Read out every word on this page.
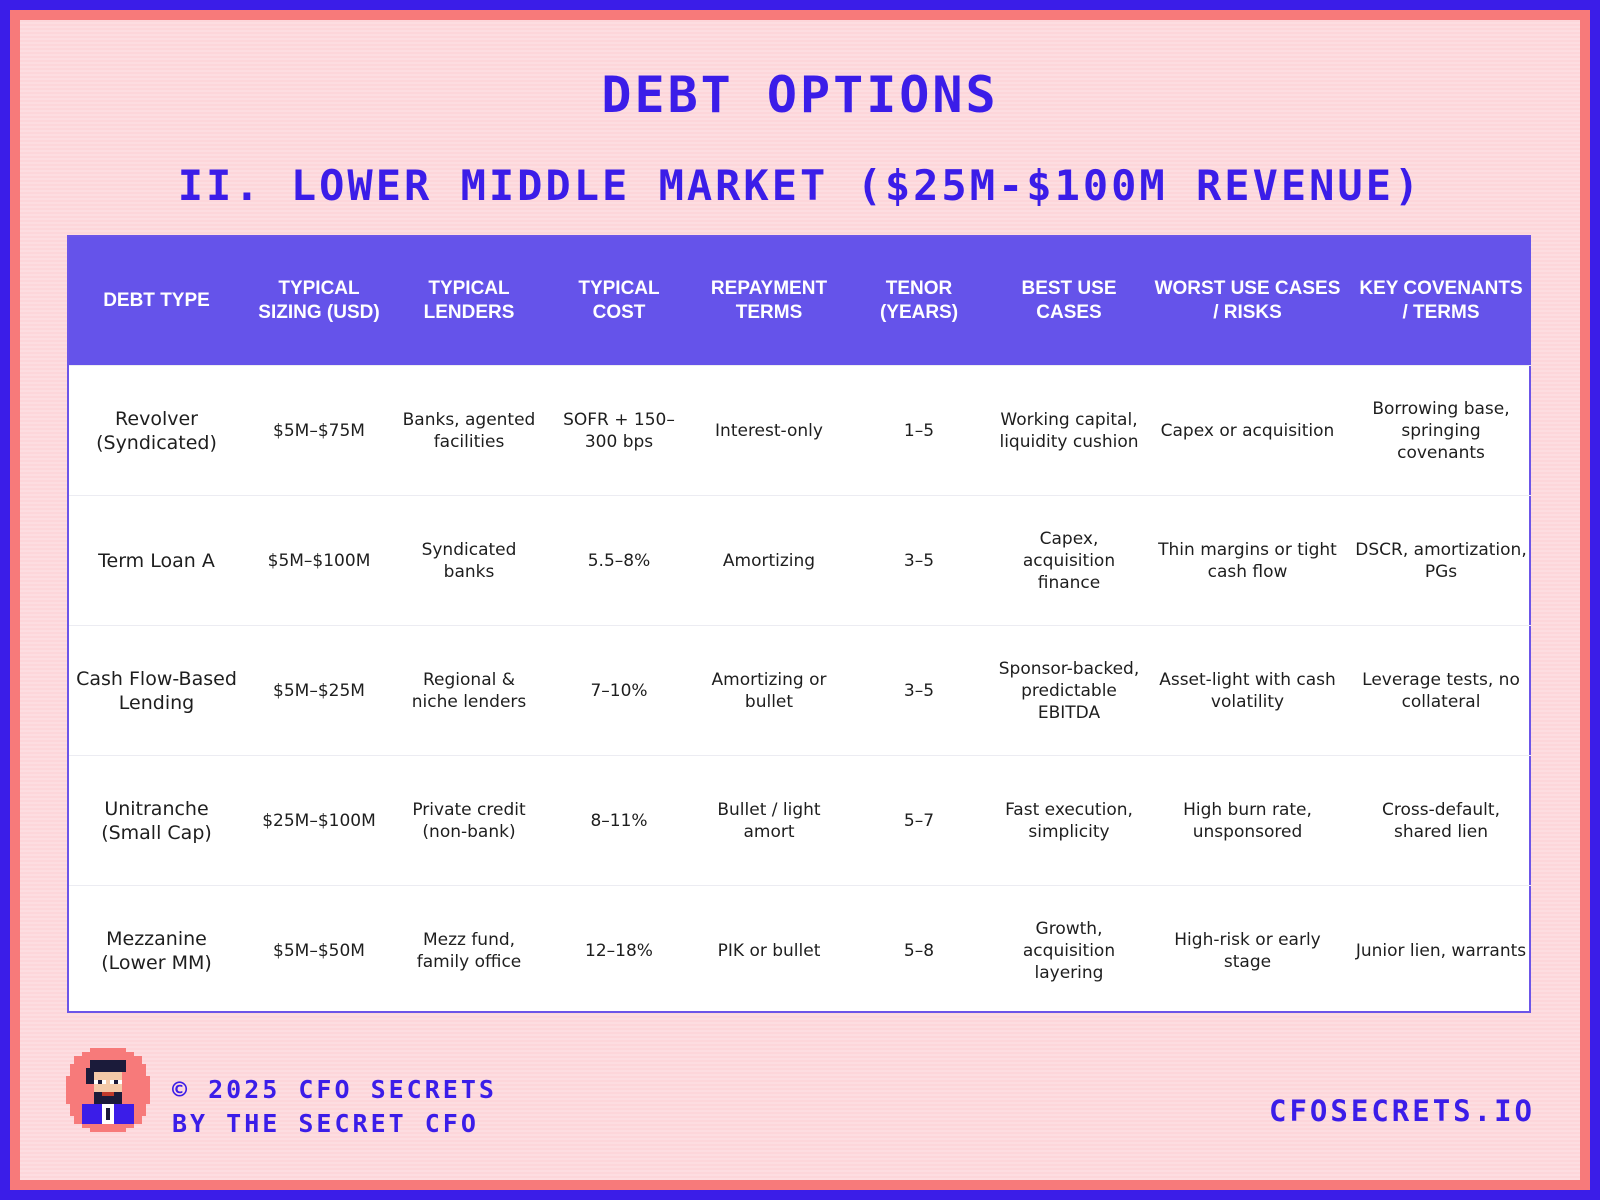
DEBT OPTIONS
II. LOWER MIDDLE MARKET ($25M-$100M REVENUE)
DEBT TYPE	TYPICAL SIZING (USD)	TYPICAL LENDERS	TYPICAL COST	REPAYMENT TERMS	TENOR (YEARS)	BEST USE CASES	WORST USE CASES / RISKS	KEY COVENANTS / TERMS
Revolver (Syndicated)	$5M–$75M	Banks, agented facilities	SOFR + 150–300 bps	Interest-only	1–5	Working capital, liquidity cushion	Capex or acquisition	Borrowing base, springing covenants
Term Loan A	$5M–$100M	Syndicated banks	5.5–8%	Amortizing	3–5	Capex, acquisition finance	Thin margins or tight cash flow	DSCR, amortization, PGs
Cash Flow-Based Lending	$5M–$25M	Regional & niche lenders	7–10%	Amortizing or bullet	3–5	Sponsor-backed, predictable EBITDA	Asset-light with cash volatility	Leverage tests, no collateral
Unitranche (Small Cap)	$25M–$100M	Private credit (non-bank)	8–11%	Bullet / light amort	5–7	Fast execution, simplicity	High burn rate, unsponsored	Cross-default, shared lien
Mezzanine (Lower MM)	$5M–$50M	Mezz fund, family office	12–18%	PIK or bullet	5–8	Growth, acquisition layering	High-risk or early stage	Junior lien, warrants
© 2025 CFO SECRETS
BY THE SECRET CFO	CFOSECRETS.IO
